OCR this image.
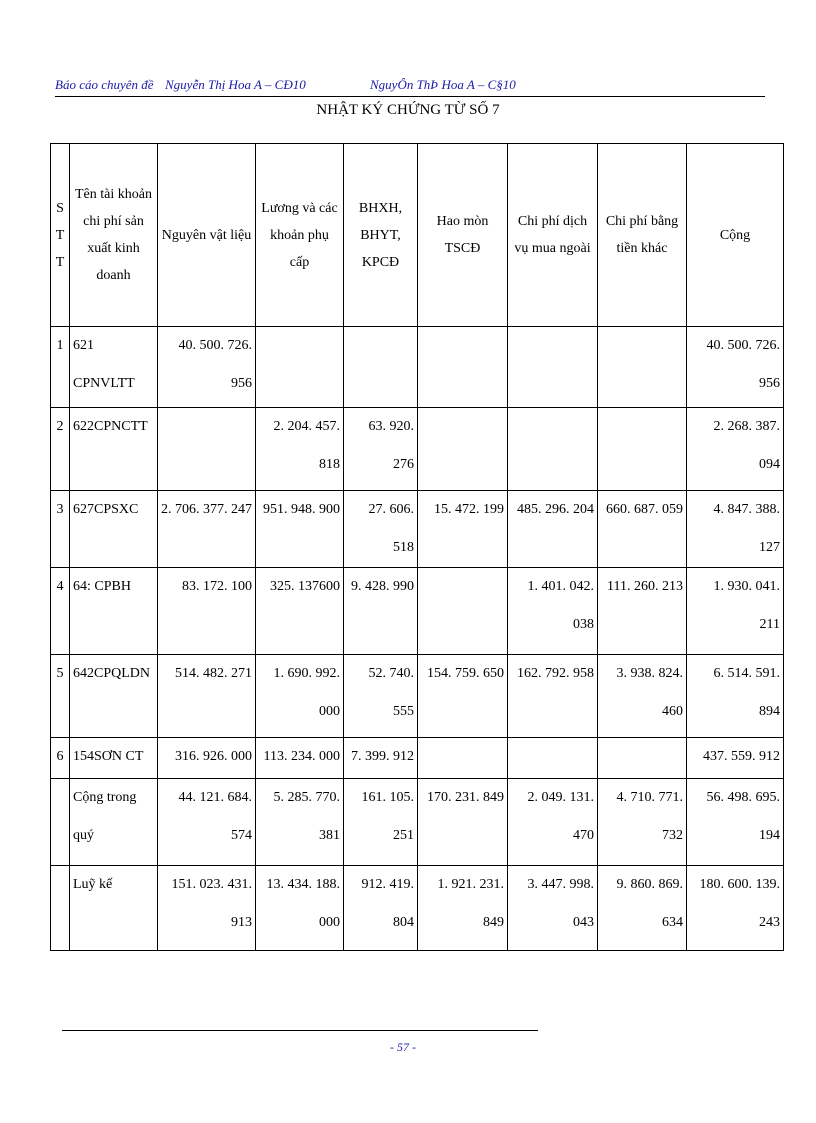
Báo cáo chuyên đề Nguyễn Thị Hoa A – CĐ10	NguyÔn ThÞ Hoa A – C§10
NHẬT KÝ CHỨNG TỪ SỐ 7
S
T
T	Tên tài khoản chi phí sản xuất kinh doanh	Nguyên vật liệu	Lương và các khoản phụ cấp	BHXH, BHYT, KPCĐ	Hao mòn TSCĐ	Chi phí dịch vụ mua ngoài	Chi phí bằng tiền khác	Cộng
1	621 CPNVLTT	40. 500. 726. 956						40. 500. 726. 956
2	622CPNCTT		2. 204. 457. 818	63. 920. 276				2. 268. 387. 094
3	627CPSXC	2. 706. 377. 247	951. 948. 900	27. 606. 518	15. 472. 199	485. 296. 204	660. 687. 059	4. 847. 388. 127
4	64: CPBH	83. 172. 100	325. 137600	9. 428. 990		1. 401. 042. 038	111. 260. 213	1. 930. 041. 211
5	642CPQLDN	514. 482. 271	1. 690. 992. 000	52. 740. 555	154. 759. 650	162. 792. 958	3. 938. 824. 460	6. 514. 591. 894
6	154SƠN CT	316. 926. 000	113. 234. 000	7. 399. 912				437. 559. 912
	Cộng trong quý	44. 121. 684. 574	5. 285. 770. 381	161. 105. 251	170. 231. 849	2. 049. 131. 470	4. 710. 771. 732	56. 498. 695. 194
	Luỹ kế	151. 023. 431. 913	13. 434. 188. 000	912. 419. 804	1. 921. 231. 849	3. 447. 998. 043	9. 860. 869. 634	180. 600. 139. 243
- 57 -
